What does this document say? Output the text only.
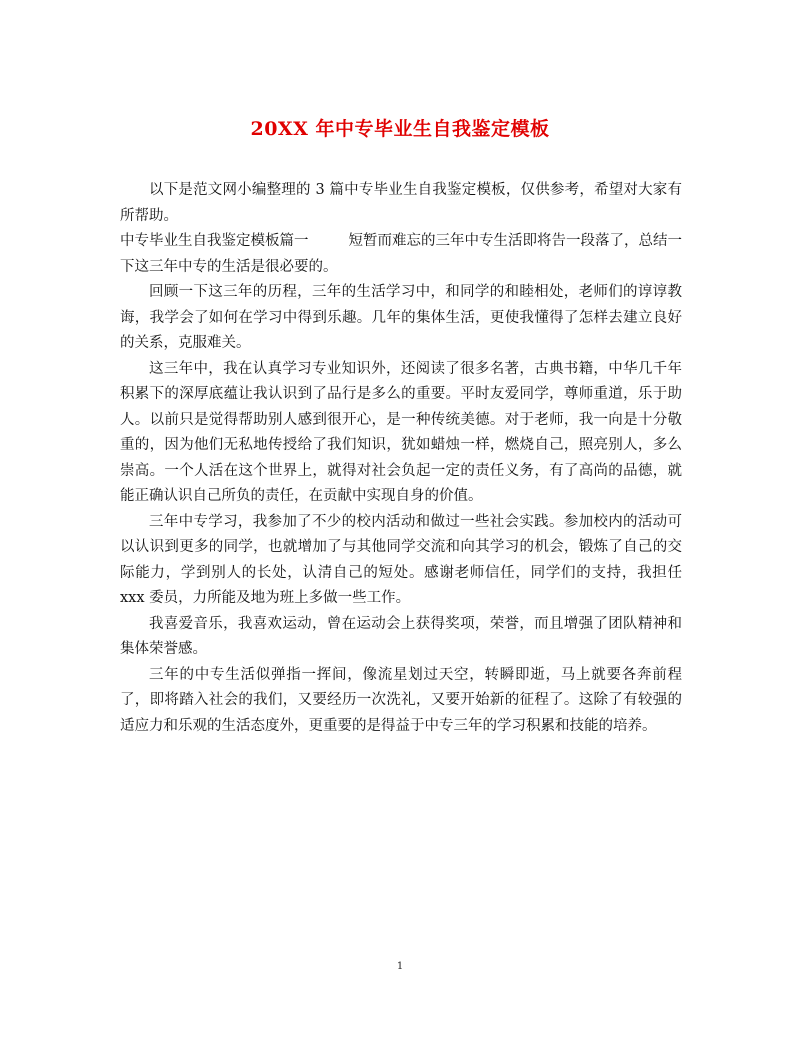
20XX 年中专毕业生自我鉴定模板

以下是范文网小编整理的 3 篇中专毕业生自我鉴定模板，仅供参考，希望对大家有所帮助。

中专毕业生自我鉴定模板篇一	短暂而难忘的三年中专生活即将告一段落了，总结一下这三年中专的生活是很必要的。

回顾一下这三年的历程，三年的生活学习中，和同学的和睦相处，老师们的谆谆教诲，我学会了如何在学习中得到乐趣。几年的集体生活，更使我懂得了怎样去建立良好的关系，克服难关。

这三年中，我在认真学习专业知识外，还阅读了很多名著，古典书籍，中华几千年积累下的深厚底蕴让我认识到了品行是多么的重要。平时友爱同学，尊师重道，乐于助人。以前只是觉得帮助别人感到很开心，是一种传统美德。对于老师，我一向是十分敬重的，因为他们无私地传授给了我们知识，犹如蜡烛一样，燃烧自己，照亮别人，多么崇高。一个人活在这个世界上，就得对社会负起一定的责任义务，有了高尚的品德，就能正确认识自己所负的责任，在贡献中实现自身的价值。

三年中专学习，我参加了不少的校内活动和做过一些社会实践。参加校内的活动可以认识到更多的同学，也就增加了与其他同学交流和向其学习的机会，锻炼了自己的交际能力，学到别人的长处，认清自己的短处。感谢老师信任，同学们的支持，我担任 xxx 委员，力所能及地为班上多做一些工作。

我喜爱音乐，我喜欢运动，曾在运动会上获得奖项，荣誉，而且增强了团队精神和集体荣誉感。

三年的中专生活似弹指一挥间，像流星划过天空，转瞬即逝，马上就要各奔前程了，即将踏入社会的我们，又要经历一次洗礼，又要开始新的征程了。这除了有较强的适应力和乐观的生活态度外，更重要的是得益于中专三年的学习积累和技能的培养。

1
